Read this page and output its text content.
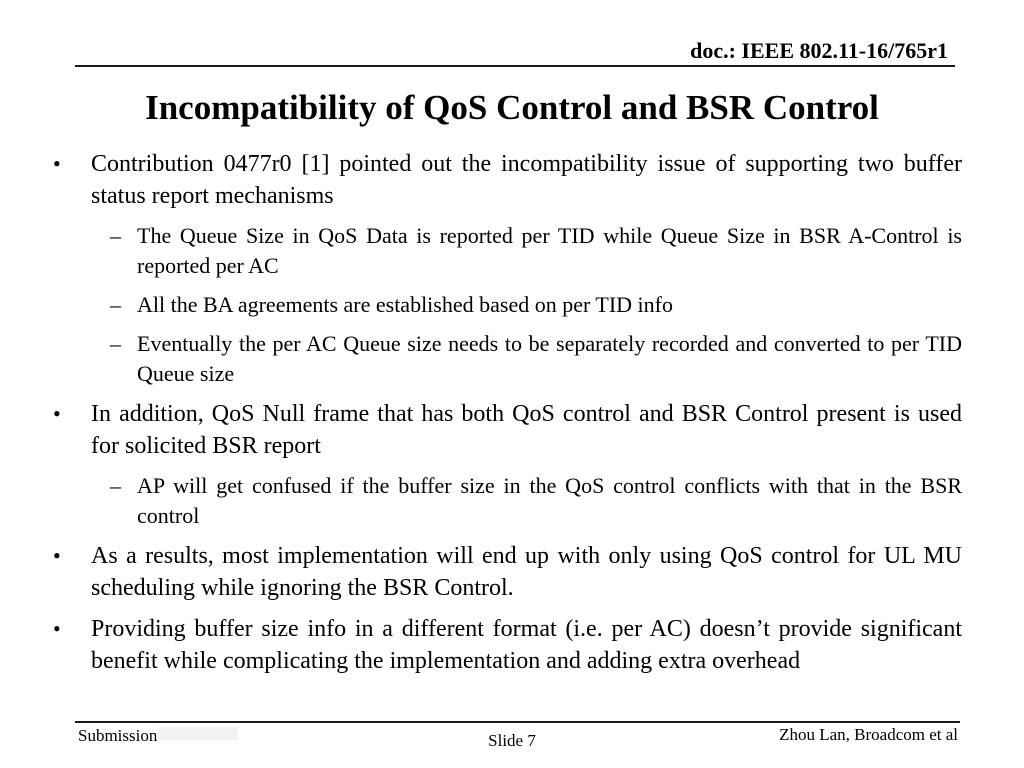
doc.: IEEE 802.11-16/765r1
Incompatibility of QoS Control and BSR Control
• Contribution 0477r0 [1] pointed out the incompatibility issue of supporting two buffer status report mechanisms
– The Queue Size in QoS Data is reported per TID while Queue Size in BSR A-Control is reported per AC
– All the BA agreements are established based on per TID info
– Eventually the per AC Queue size needs to be separately recorded and converted to per TID Queue size
• In addition, QoS Null frame that has both QoS control and BSR Control present is used for solicited BSR report
– AP will get confused if the buffer size in the QoS control conflicts with that in the BSR control
• As a results, most implementation will end up with only using QoS control for UL MU scheduling while ignoring the BSR Control.
• Providing buffer size info in a different format (i.e. per AC) doesn’t provide significant benefit while complicating the implementation and adding extra overhead
Submission	Slide 7	Zhou Lan, Broadcom et al
